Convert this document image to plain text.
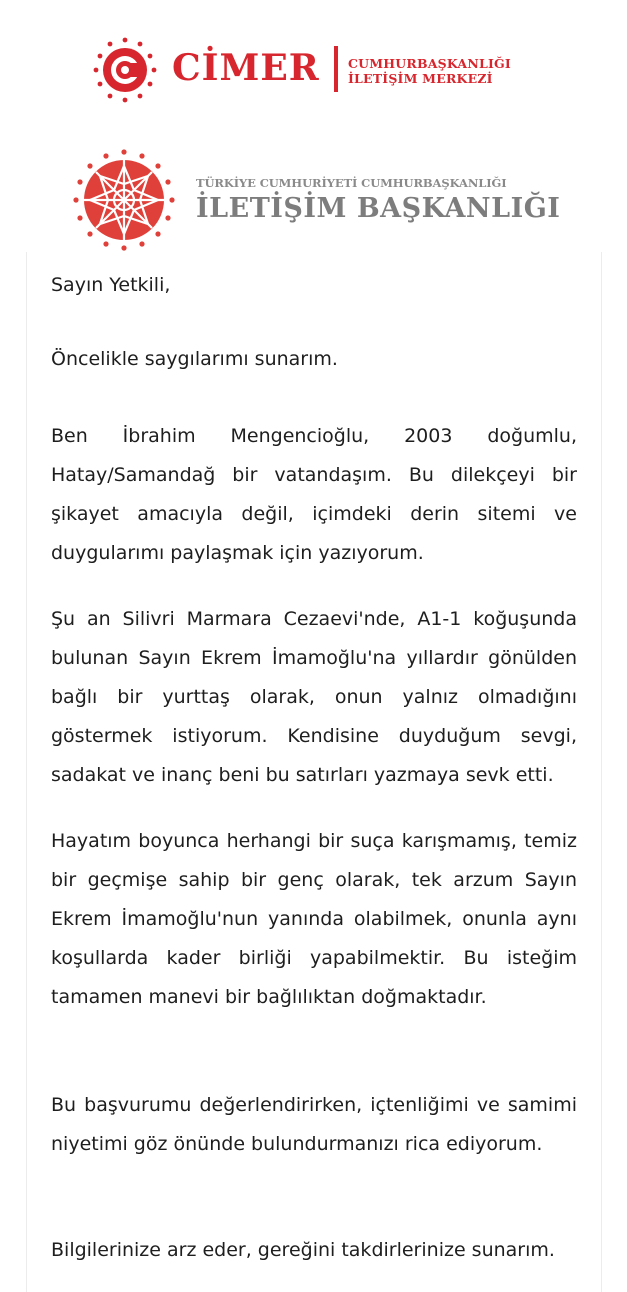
CİMER CUMHURBAŞKANLIĞI
İLETİŞİM MERKEZİ
TÜRKİYE CUMHURİYETİ CUMHURBAŞKANLIĞI
İLETİŞİM BAŞKANLIĞI

Sayın Yetkili,

Öncelikle saygılarımı sunarım.

Ben İbrahim Mengencioğlu, 2003 doğumlu, Hatay/Samandağ bir vatandaşım. Bu dilekçeyi bir şikayet amacıyla değil, içimdeki derin sitemi ve duygularımı paylaşmak için yazıyorum.

Şu an Silivri Marmara Cezaevi'nde, A1-1 koğuşunda bulunan Sayın Ekrem İmamoğlu'na yıllardır gönülden bağlı bir yurttaş olarak, onun yalnız olmadığını göstermek istiyorum. Kendisine duyduğum sevgi, sadakat ve inanç beni bu satırları yazmaya sevk etti.

Hayatım boyunca herhangi bir suça karışmamış, temiz bir geçmişe sahip bir genç olarak, tek arzum Sayın Ekrem İmamoğlu'nun yanında olabilmek, onunla aynı koşullarda kader birliği yapabilmektir. Bu isteğim tamamen manevi bir bağlılıktan doğmaktadır.

Bu başvurumu değerlendirirken, içtenliğimi ve samimi niyetimi göz önünde bulundurmanızı rica ediyorum.

Bilgilerinize arz eder, gereğini takdirlerinize sunarım.
